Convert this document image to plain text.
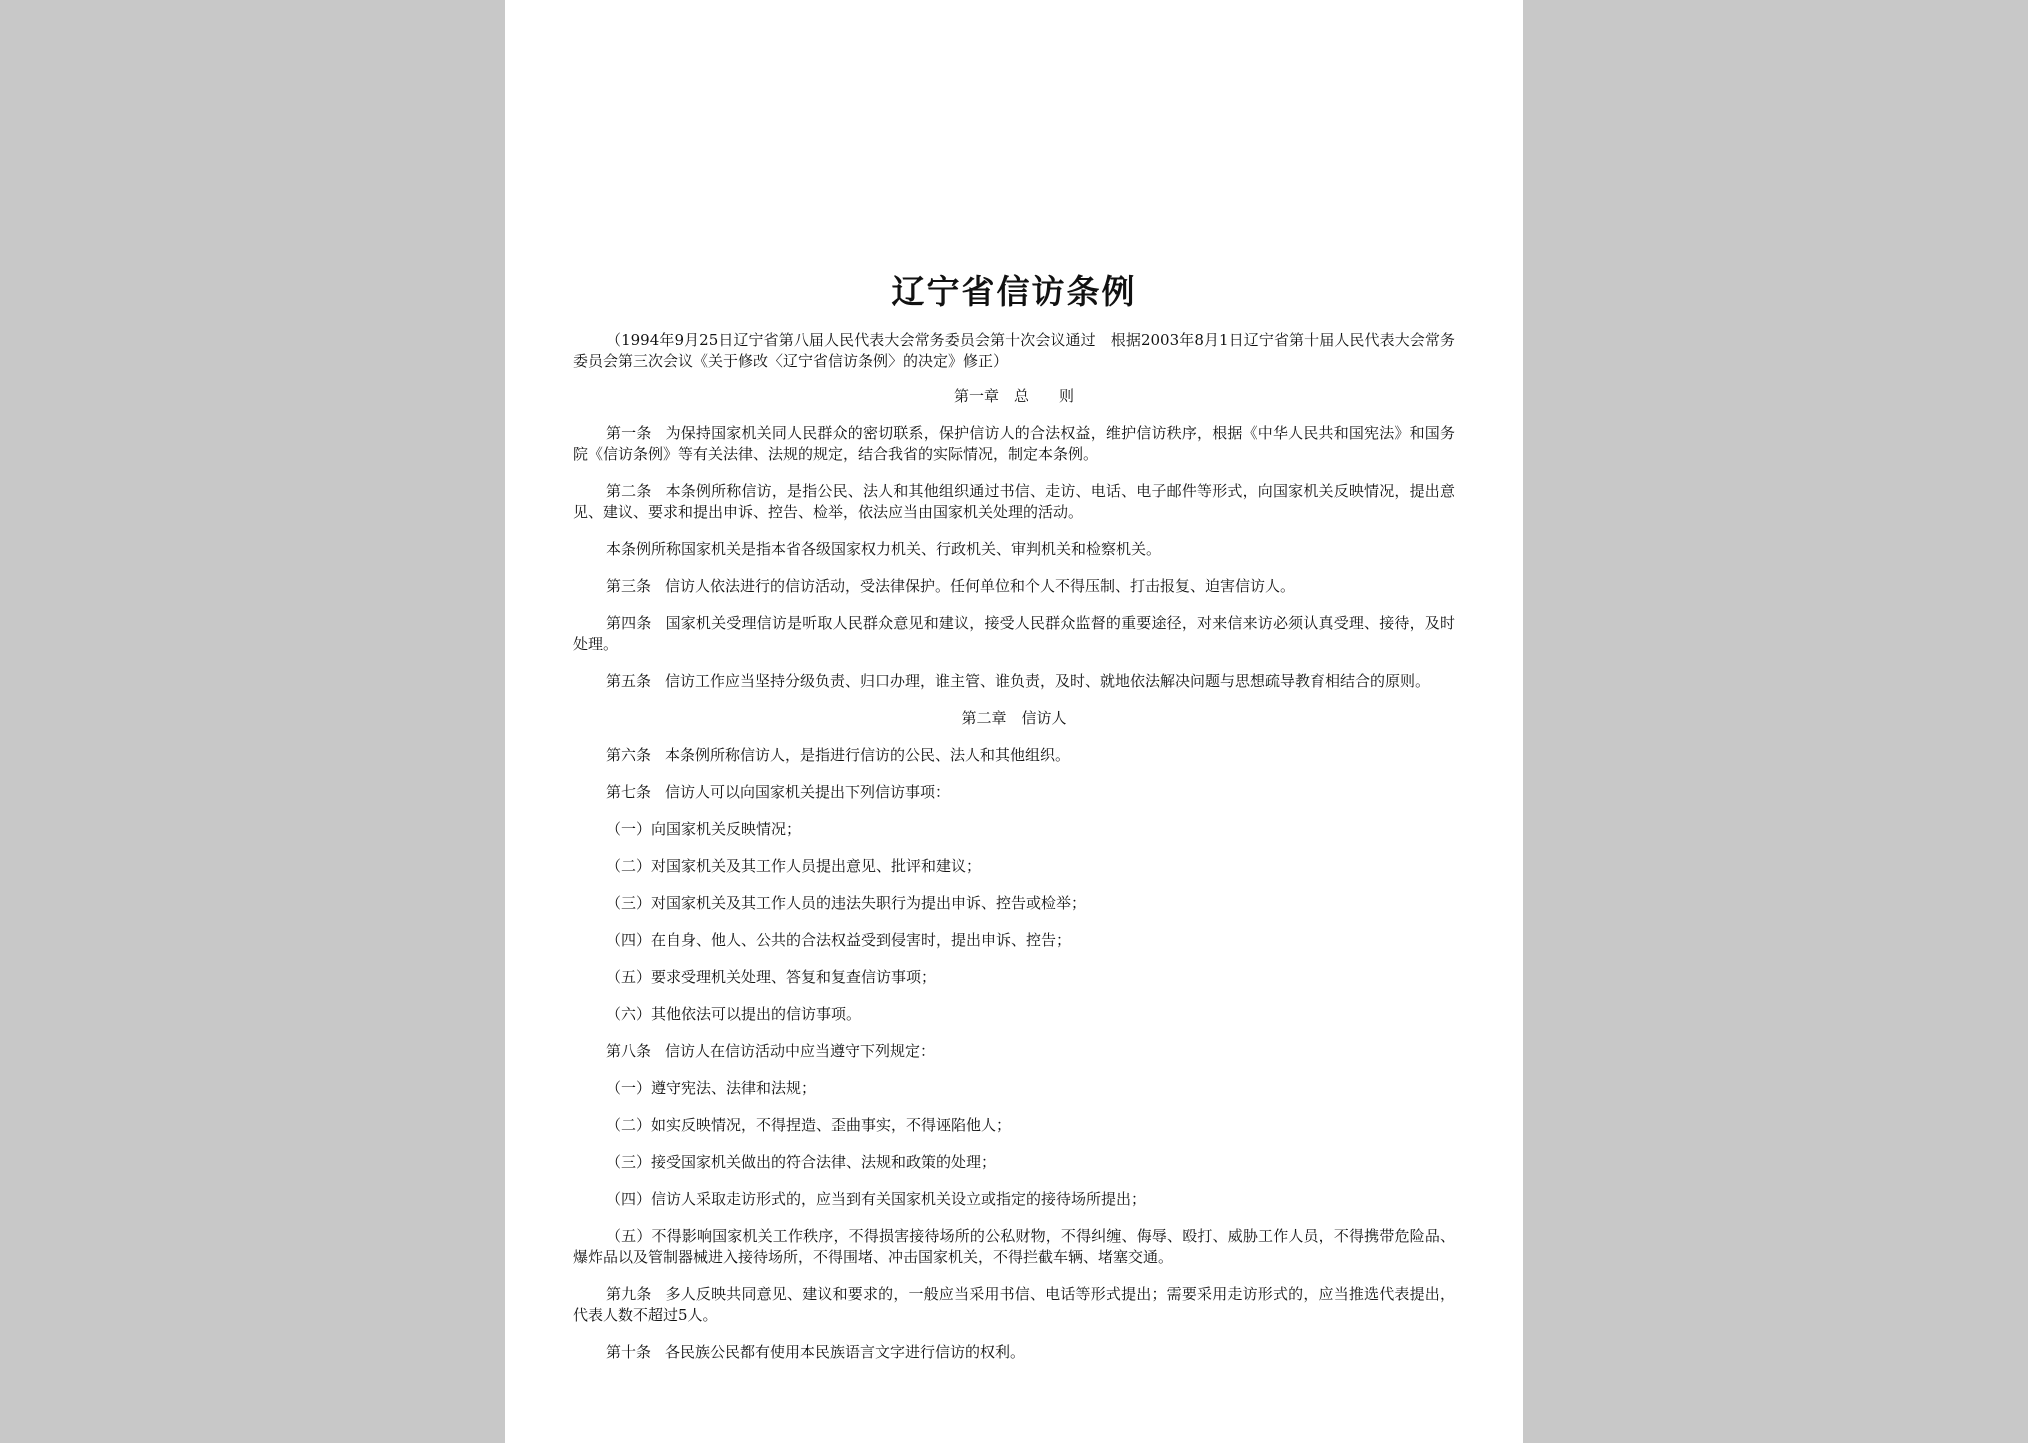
辽宁省信访条例

（1994年9月25日辽宁省第八届人民代表大会常务委员会第十次会议通过　根据2003年8月1日辽宁省第十届人民代表大会常务委员会第三次会议《关于修改〈辽宁省信访条例〉的决定》修正）

第一章　总　　则

第一条 为保持国家机关同人民群众的密切联系，保护信访人的合法权益，维护信访秩序，根据《中华人民共和国宪法》和国务院《信访条例》等有关法律、法规的规定，结合我省的实际情况，制定本条例。

第二条 本条例所称信访，是指公民、法人和其他组织通过书信、走访、电话、电子邮件等形式，向国家机关反映情况，提出意见、建议、要求和提出申诉、控告、检举，依法应当由国家机关处理的活动。

本条例所称国家机关是指本省各级国家权力机关、行政机关、审判机关和检察机关。

第三条 信访人依法进行的信访活动，受法律保护。任何单位和个人不得压制、打击报复、迫害信访人。

第四条 国家机关受理信访是听取人民群众意见和建议，接受人民群众监督的重要途径，对来信来访必须认真受理、接待，及时处理。

第五条 信访工作应当坚持分级负责、归口办理，谁主管、谁负责，及时、就地依法解决问题与思想疏导教育相结合的原则。

第二章　信访人

第六条 本条例所称信访人，是指进行信访的公民、法人和其他组织。

第七条 信访人可以向国家机关提出下列信访事项：

（一）向国家机关反映情况；

（二）对国家机关及其工作人员提出意见、批评和建议；

（三）对国家机关及其工作人员的违法失职行为提出申诉、控告或检举；

（四）在自身、他人、公共的合法权益受到侵害时，提出申诉、控告；

（五）要求受理机关处理、答复和复查信访事项；

（六）其他依法可以提出的信访事项。

第八条 信访人在信访活动中应当遵守下列规定：

（一）遵守宪法、法律和法规；

（二）如实反映情况，不得捏造、歪曲事实，不得诬陷他人；

（三）接受国家机关做出的符合法律、法规和政策的处理；

（四）信访人采取走访形式的，应当到有关国家机关设立或指定的接待场所提出；

（五）不得影响国家机关工作秩序，不得损害接待场所的公私财物，不得纠缠、侮辱、殴打、威胁工作人员，不得携带危险品、爆炸品以及管制器械进入接待场所，不得围堵、冲击国家机关，不得拦截车辆、堵塞交通。

第九条 多人反映共同意见、建议和要求的，一般应当采用书信、电话等形式提出；需要采用走访形式的，应当推选代表提出，代表人数不超过5人。

第十条 各民族公民都有使用本民族语言文字进行信访的权利。
